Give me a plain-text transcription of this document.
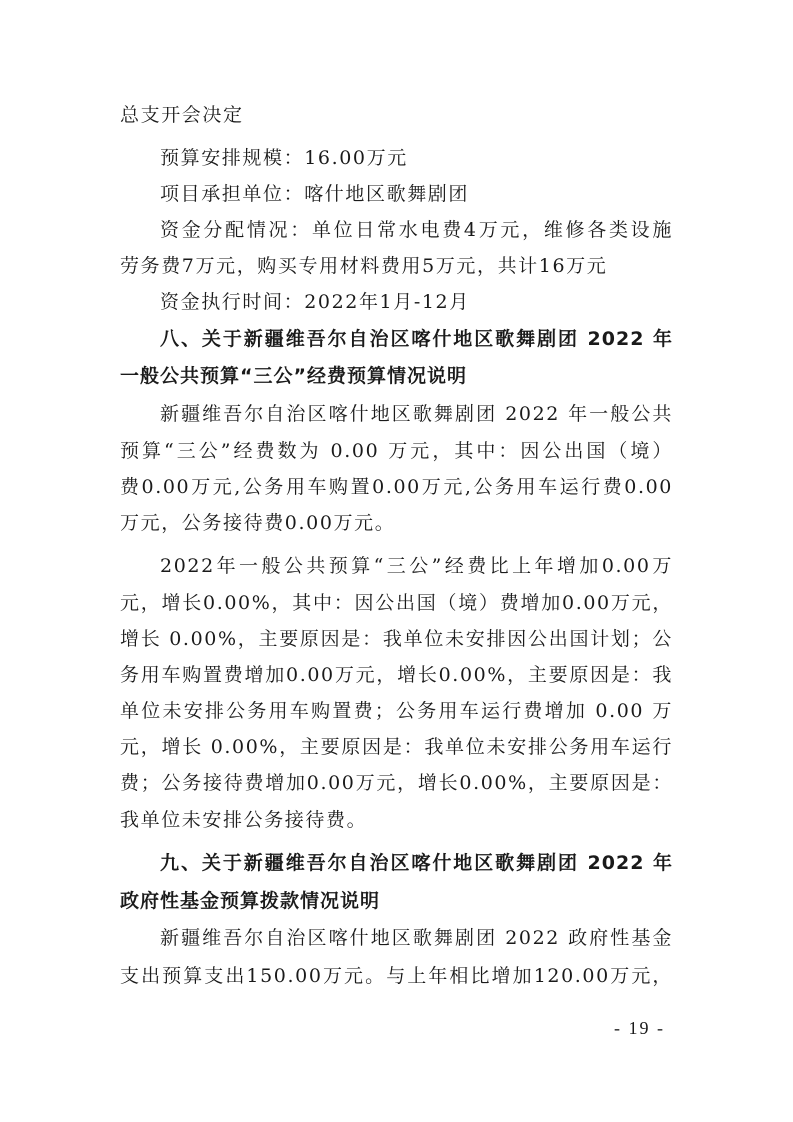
总支开会决定
预算安排规模：16.00万元
项目承担单位：喀什地区歌舞剧团
资金分配情况：单位日常水电费4万元，维修各类设施
劳务费7万元，购买专用材料费用5万元，共计16万元
资金执行时间：2022年1月-12月
八、关于新疆维吾尔自治区喀什地区歌舞剧团 2022 年
一般公共预算“三公”经费预算情况说明
新疆维吾尔自治区喀什地区歌舞剧团 2022 年一般公共
预算“三公”经费数为 0.00 万元，其中：因公出国（境）
费0.00万元,公务用车购置0.00万元,公务用车运行费0.00
万元，公务接待费0.00万元。
2022年一般公共预算“三公”经费比上年增加0.00万
元，增长0.00%，其中：因公出国（境）费增加0.00万元，
增长 0.00%，主要原因是：我单位未安排因公出国计划；公
务用车购置费增加0.00万元，增长0.00%，主要原因是：我
单位未安排公务用车购置费；公务用车运行费增加 0.00 万
元，增长 0.00%，主要原因是：我单位未安排公务用车运行
费；公务接待费增加0.00万元，增长0.00%，主要原因是：
我单位未安排公务接待费。
九、关于新疆维吾尔自治区喀什地区歌舞剧团 2022 年
政府性基金预算拨款情况说明
新疆维吾尔自治区喀什地区歌舞剧团 2022 政府性基金
支出预算支出150.00万元。与上年相比增加120.00万元，
- 19 -
